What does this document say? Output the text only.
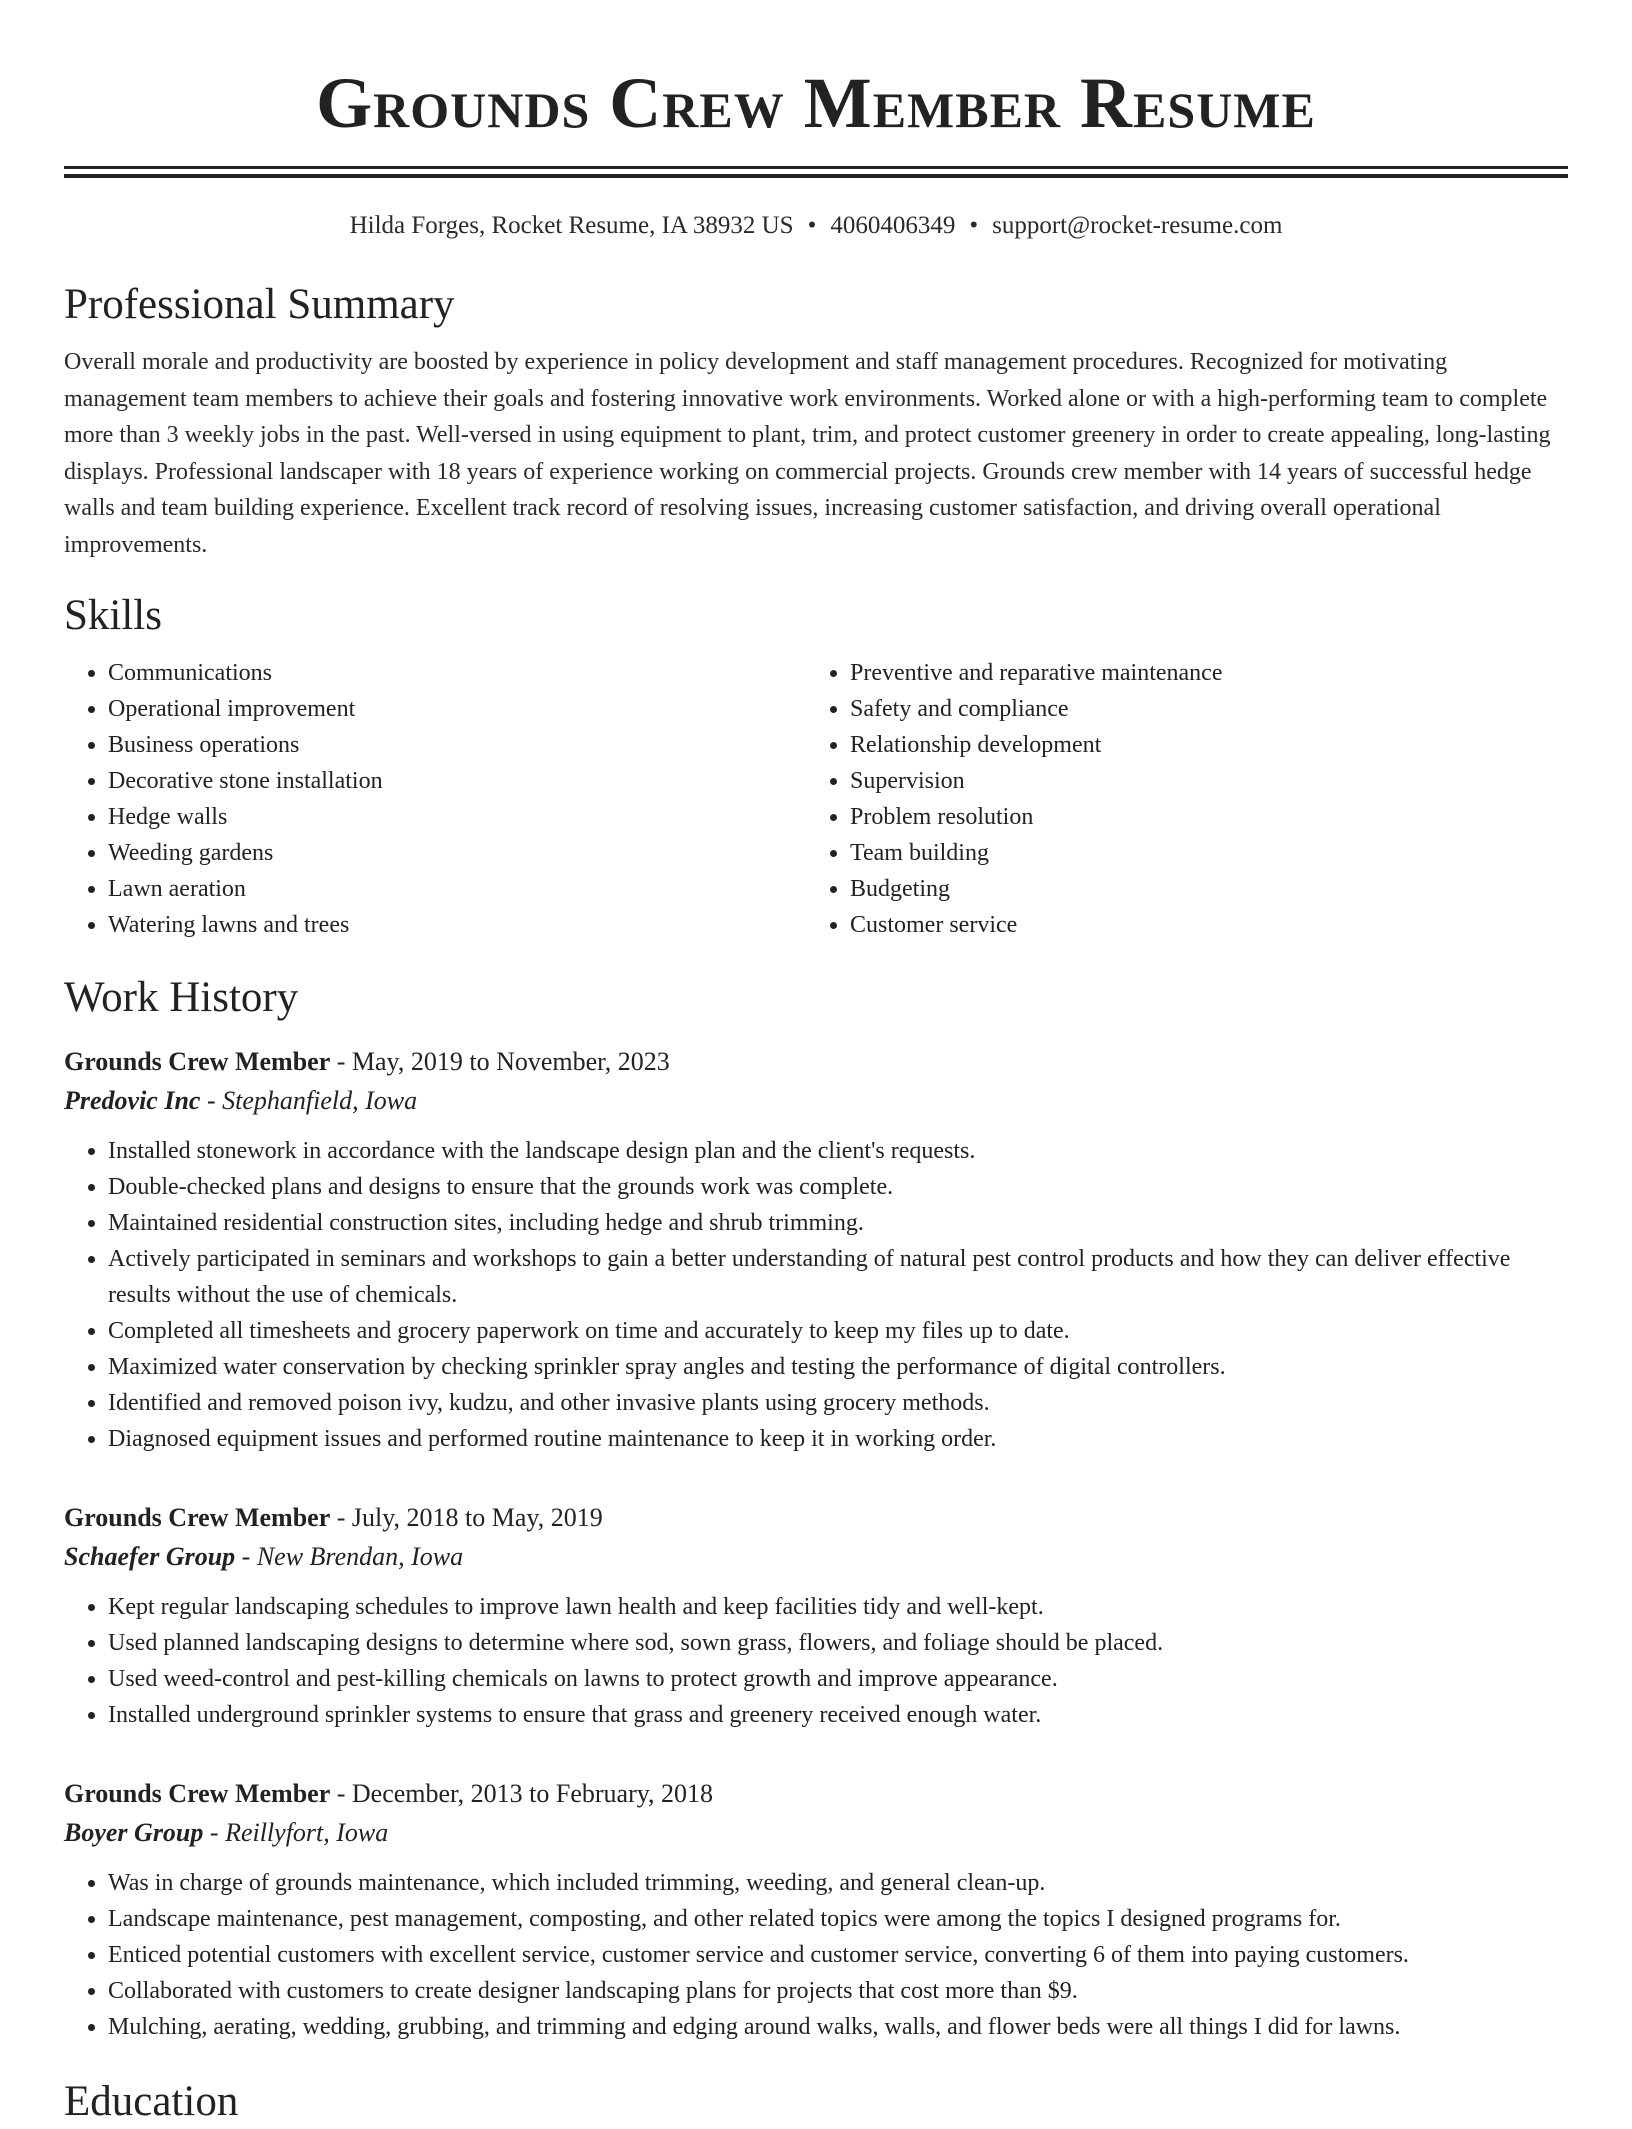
Grounds Crew Member Resume
Hilda Forges, Rocket Resume, IA 38932 US • 4060406349 • support@rocket-resume.com
Professional Summary

Overall morale and productivity are boosted by experience in policy development and staff management procedures. Recognized for motivating management team members to achieve their goals and fostering innovative work environments. Worked alone or with a high-performing team to complete more than 3 weekly jobs in the past. Well-versed in using equipment to plant, trim, and protect customer greenery in order to create appealing, long-lasting displays. Professional landscaper with 18 years of experience working on commercial projects. Grounds crew member with 14 years of successful hedge walls and team building experience. Excellent track record of resolving issues, increasing customer satisfaction, and driving overall operational improvements.

Skills
• Communications
• Operational improvement
• Business operations
• Decorative stone installation
• Hedge walls
• Weeding gardens
• Lawn aeration
• Watering lawns and trees
• Preventive and reparative maintenance
• Safety and compliance
• Relationship development
• Supervision
• Problem resolution
• Team building
• Budgeting
• Customer service
Work History
Grounds Crew Member - May, 2019 to November, 2023
Predovic Inc - Stephanfield, Iowa
• Installed stonework in accordance with the landscape design plan and the client's requests.
• Double-checked plans and designs to ensure that the grounds work was complete.
• Maintained residential construction sites, including hedge and shrub trimming.
• Actively participated in seminars and workshops to gain a better understanding of natural pest control products and how they can deliver effective results without the use of chemicals.
• Completed all timesheets and grocery paperwork on time and accurately to keep my files up to date.
• Maximized water conservation by checking sprinkler spray angles and testing the performance of digital controllers.
• Identified and removed poison ivy, kudzu, and other invasive plants using grocery methods.
• Diagnosed equipment issues and performed routine maintenance to keep it in working order.
Grounds Crew Member - July, 2018 to May, 2019
Schaefer Group - New Brendan, Iowa
• Kept regular landscaping schedules to improve lawn health and keep facilities tidy and well-kept.
• Used planned landscaping designs to determine where sod, sown grass, flowers, and foliage should be placed.
• Used weed-control and pest-killing chemicals on lawns to protect growth and improve appearance.
• Installed underground sprinkler systems to ensure that grass and greenery received enough water.
Grounds Crew Member - December, 2013 to February, 2018
Boyer Group - Reillyfort, Iowa
• Was in charge of grounds maintenance, which included trimming, weeding, and general clean-up.
• Landscape maintenance, pest management, composting, and other related topics were among the topics I designed programs for.
• Enticed potential customers with excellent service, customer service and customer service, converting 6 of them into paying customers.
• Collaborated with customers to create designer landscaping plans for projects that cost more than $9.
• Mulching, aerating, wedding, grubbing, and trimming and edging around walks, walls, and flower beds were all things I did for lawns.
Education
